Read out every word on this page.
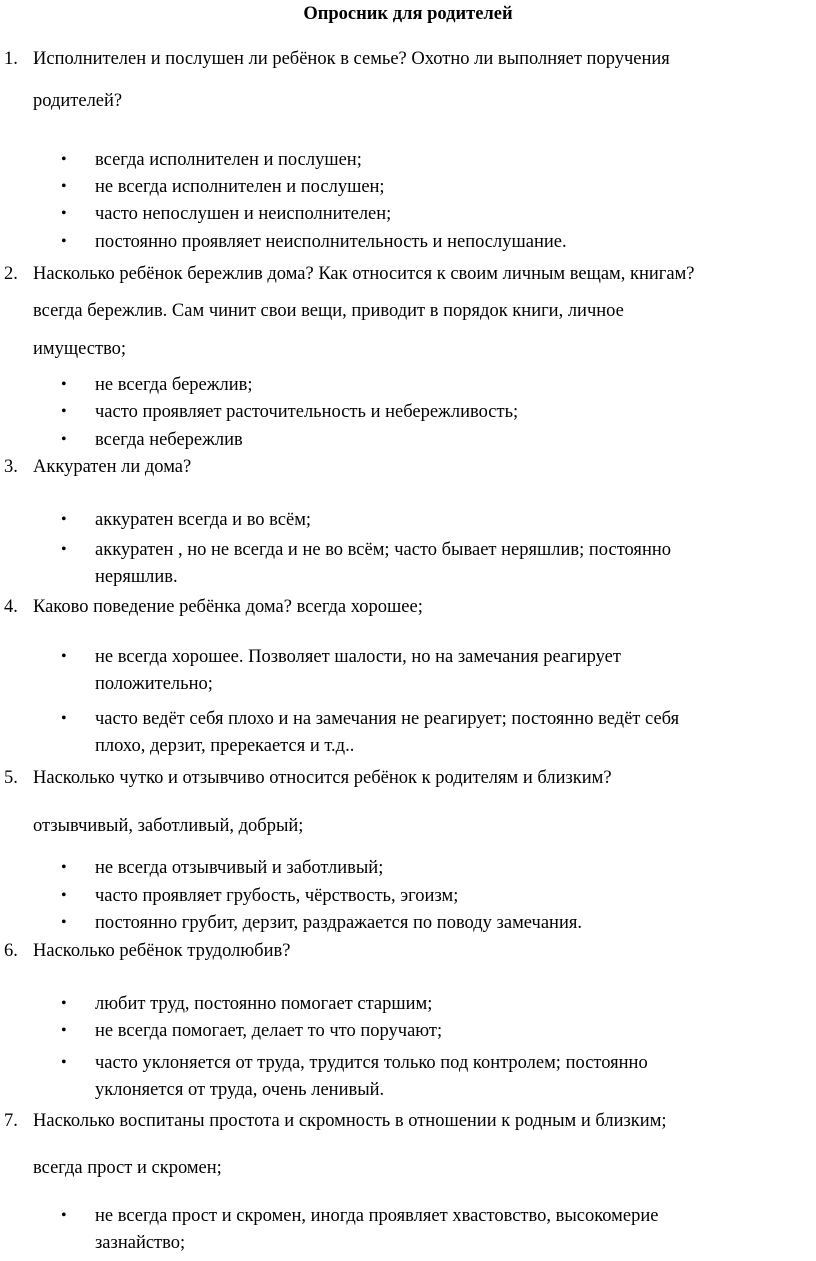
Опросник для родителей
1. Исполнителен и послушен ли ребёнок в семье? Охотно ли выполняет поручения
родителей?
• всегда исполнителен и послушен;
• не всегда исполнителен и послушен;
• часто непослушен и неисполнителен;
• постоянно проявляет неисполнительность и непослушание.
2. Насколько ребёнок бережлив дома? Как относится к своим личным вещам, книгам?
всегда бережлив. Сам чинит свои вещи, приводит в порядок книги, личное
имущество;
• не всегда бережлив;
• часто проявляет расточительность и небережливость;
• всегда небережлив
3. Аккуратен ли дома?
• аккуратен всегда и во всём;
• аккуратен , но не всегда и не во всём; часто бывает неряшлив; постоянно
неряшлив.
4. Каково поведение ребёнка дома? всегда хорошее;
• не всегда хорошее. Позволяет шалости, но на замечания реагирует
положительно;
• часто ведёт себя плохо и на замечания не реагирует; постоянно ведёт себя
плохо, дерзит, пререкается и т.д..
5. Насколько чутко и отзывчиво относится ребёнок к родителям и близким?
отзывчивый, заботливый, добрый;
• не всегда отзывчивый и заботливый;
• часто проявляет грубость, чёрствость, эгоизм;
• постоянно грубит, дерзит, раздражается по поводу замечания.
6. Насколько ребёнок трудолюбив?
• любит труд, постоянно помогает старшим;
• не всегда помогает, делает то что поручают;
• часто уклоняется от труда, трудится только под контролем; постоянно
уклоняется от труда, очень ленивый.
7. Насколько воспитаны простота и скромность в отношении к родным и близким;
всегда прост и скромен;
• не всегда прост и скромен, иногда проявляет хвастовство, высокомерие
зазнайство;
